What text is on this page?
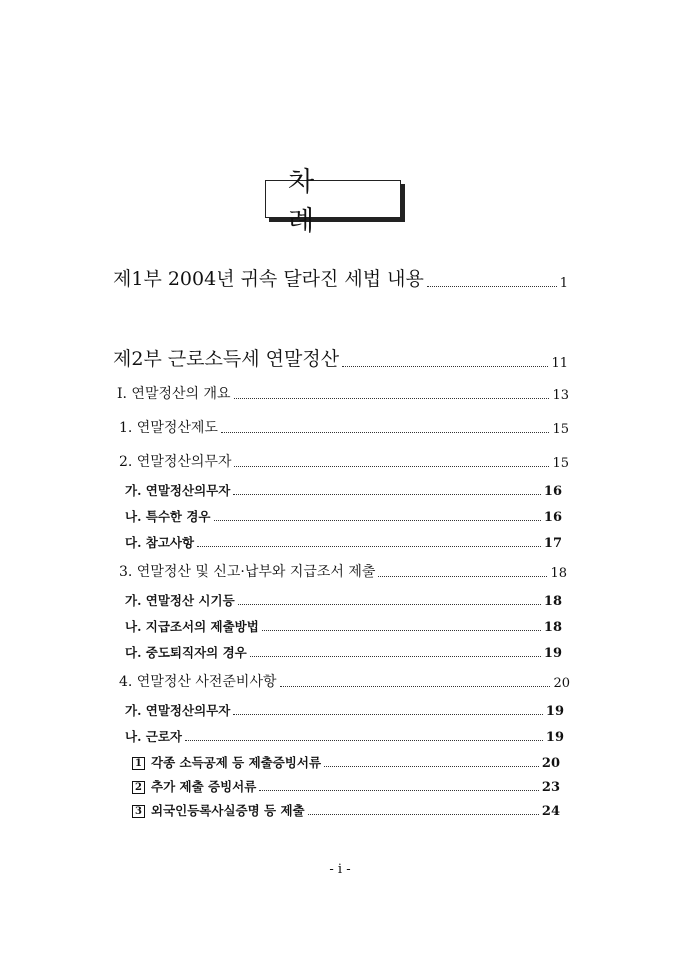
차 례
제1부 2004년 귀속 달라진 세법 내용	1
제2부 근로소득세 연말정산	11
Ⅰ. 연말정산의 개요	13
1. 연말정산제도	15
2. 연말정산의무자	15
가. 연말정산의무자	16
나. 특수한 경우	16
다. 참고사항	17
3. 연말정산 및 신고·납부와 지급조서 제출	18
가. 연말정산 시기등	18
나. 지급조서의 제출방법	18
다. 중도퇴직자의 경우	19
4. 연말정산 사전준비사항	20
가. 연말정산의무자	19
나. 근로자	19
1 각종 소득공제 등 제출증빙서류	20
2 추가 제출 증빙서류	23
3 외국인등록사실증명 등 제출	24
- i -
